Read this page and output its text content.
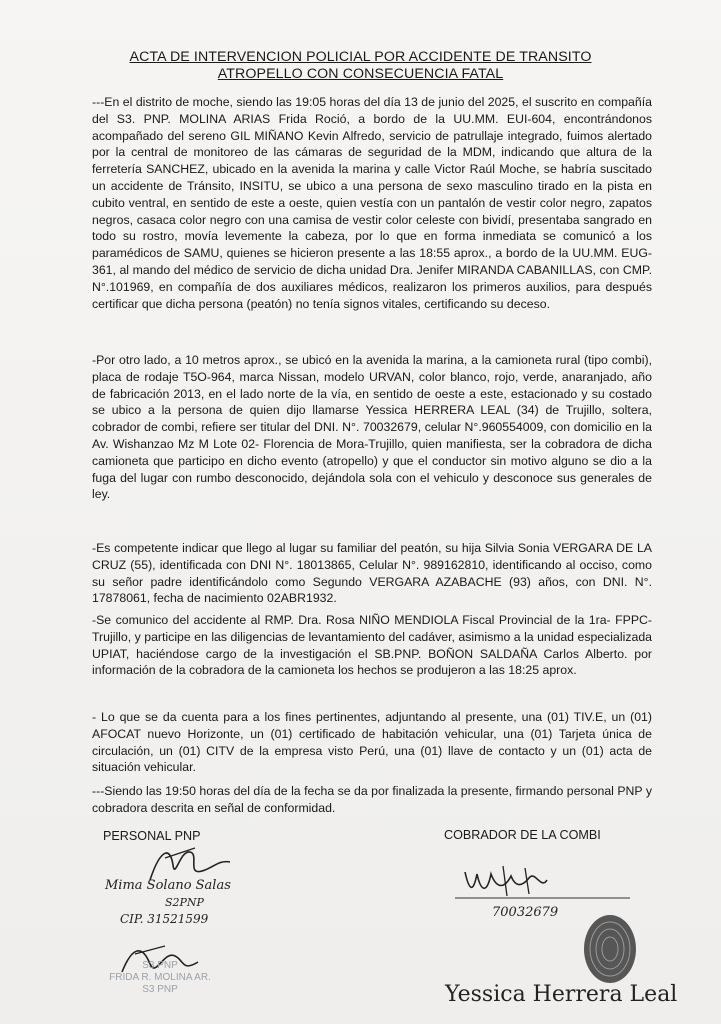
ACTA DE INTERVENCION POLICIAL POR ACCIDENTE DE TRANSITO
ATROPELLO CON CONSECUENCIA FATAL
---En el distrito de moche, siendo las 19:05 horas del día 13 de junio del 2025, el suscrito en compañía del S3. PNP. MOLINA ARIAS Frida Roció, a bordo de la UU.MM. EUI-604, encontrándonos acompañado del sereno GIL MIÑANO Kevin Alfredo, servicio de patrullaje integrado, fuimos alertado por la central de monitoreo de las cámaras de seguridad de la MDM, indicando que altura de la ferretería SANCHEZ, ubicado en la avenida la marina y calle Victor Raúl Moche, se habría suscitado un accidente de Tránsito, INSITU, se ubico a una persona de sexo masculino tirado en la pista en cubito ventral, en sentido de este a oeste, quien vestía con un pantalón de vestir color negro, zapatos negros, casaca color negro con una camisa de vestir color celeste con bividí, presentaba sangrado en todo su rostro, movía levemente la cabeza, por lo que en forma inmediata se comunicó a los paramédicos de SAMU, quienes se hicieron presente a las 18:55 aprox., a bordo de la UU.MM. EUG-361, al mando del médico de servicio de dicha unidad Dra. Jenifer MIRANDA CABANILLAS, con CMP. N°.101969, en compañía de dos auxiliares médicos, realizaron los primeros auxilios, para después certificar que dicha persona (peatón) no tenía signos vitales, certificando su deceso.
-Por otro lado, a 10 metros aprox., se ubicó en la avenida la marina, a la camioneta rural (tipo combi), placa de rodaje T5O-964, marca Nissan, modelo URVAN, color blanco, rojo, verde, anaranjado, año de fabricación 2013, en el lado norte de la vía, en sentido de oeste a este, estacionado y su costado se ubico a la persona de quien dijo llamarse Yessica HERRERA LEAL (34) de Trujillo, soltera, cobrador de combi, refiere ser titular del DNI. N°. 70032679, celular N°.960554009, con domicilio en la Av. Wishanzao Mz M Lote 02- Florencia de Mora-Trujillo, quien manifiesta, ser la cobradora de dicha camioneta que participo en dicho evento (atropello) y que el conductor sin motivo alguno se dio a la fuga del lugar con rumbo desconocido, dejándola sola con el vehiculo y desconoce sus generales de ley.
-Es competente indicar que llego al lugar su familiar del peatón, su hija Silvia Sonia VERGARA DE LA CRUZ (55), identificada con DNI N°. 18013865, Celular N°. 989162810, identificando al occiso, como su señor padre identificándolo como Segundo VERGARA AZABACHE (93) años, con DNI. N°. 17878061, fecha de nacimiento 02ABR1932.
-Se comunico del accidente al RMP. Dra. Rosa NIÑO MENDIOLA Fiscal Provincial de la 1ra- FPPC-Trujillo, y participe en las diligencias de levantamiento del cadáver, asimismo a la unidad especializada UPIAT, haciéndose cargo de la investigación el SB.PNP. BOÑON SALDAÑA Carlos Alberto. por información de la cobradora de la camioneta los hechos se produjeron a las 18:25 aprox.
- Lo que se da cuenta para a los fines pertinentes, adjuntando al presente, una (01) TIV.E, un (01) AFOCAT nuevo Horizonte, un (01) certificado de habitación vehicular, una (01) Tarjeta única de circulación, un (01) CITV de la empresa visto Perú, una (01) llave de contacto y un (01) acta de situación vehicular.
---Siendo las 19:50 horas del día de la fecha se da por finalizada la presente, firmando personal PNP y cobradora descrita en señal de conformidad.
PERSONAL PNP	COBRADOR DE LA COMBI
Mima Solano Salas
S2PNP
CIP. 31521599
S3 PNP
FRIDA R. MOLINA AR.
S3 PNP
70032679
Yessica Herrera Leal
